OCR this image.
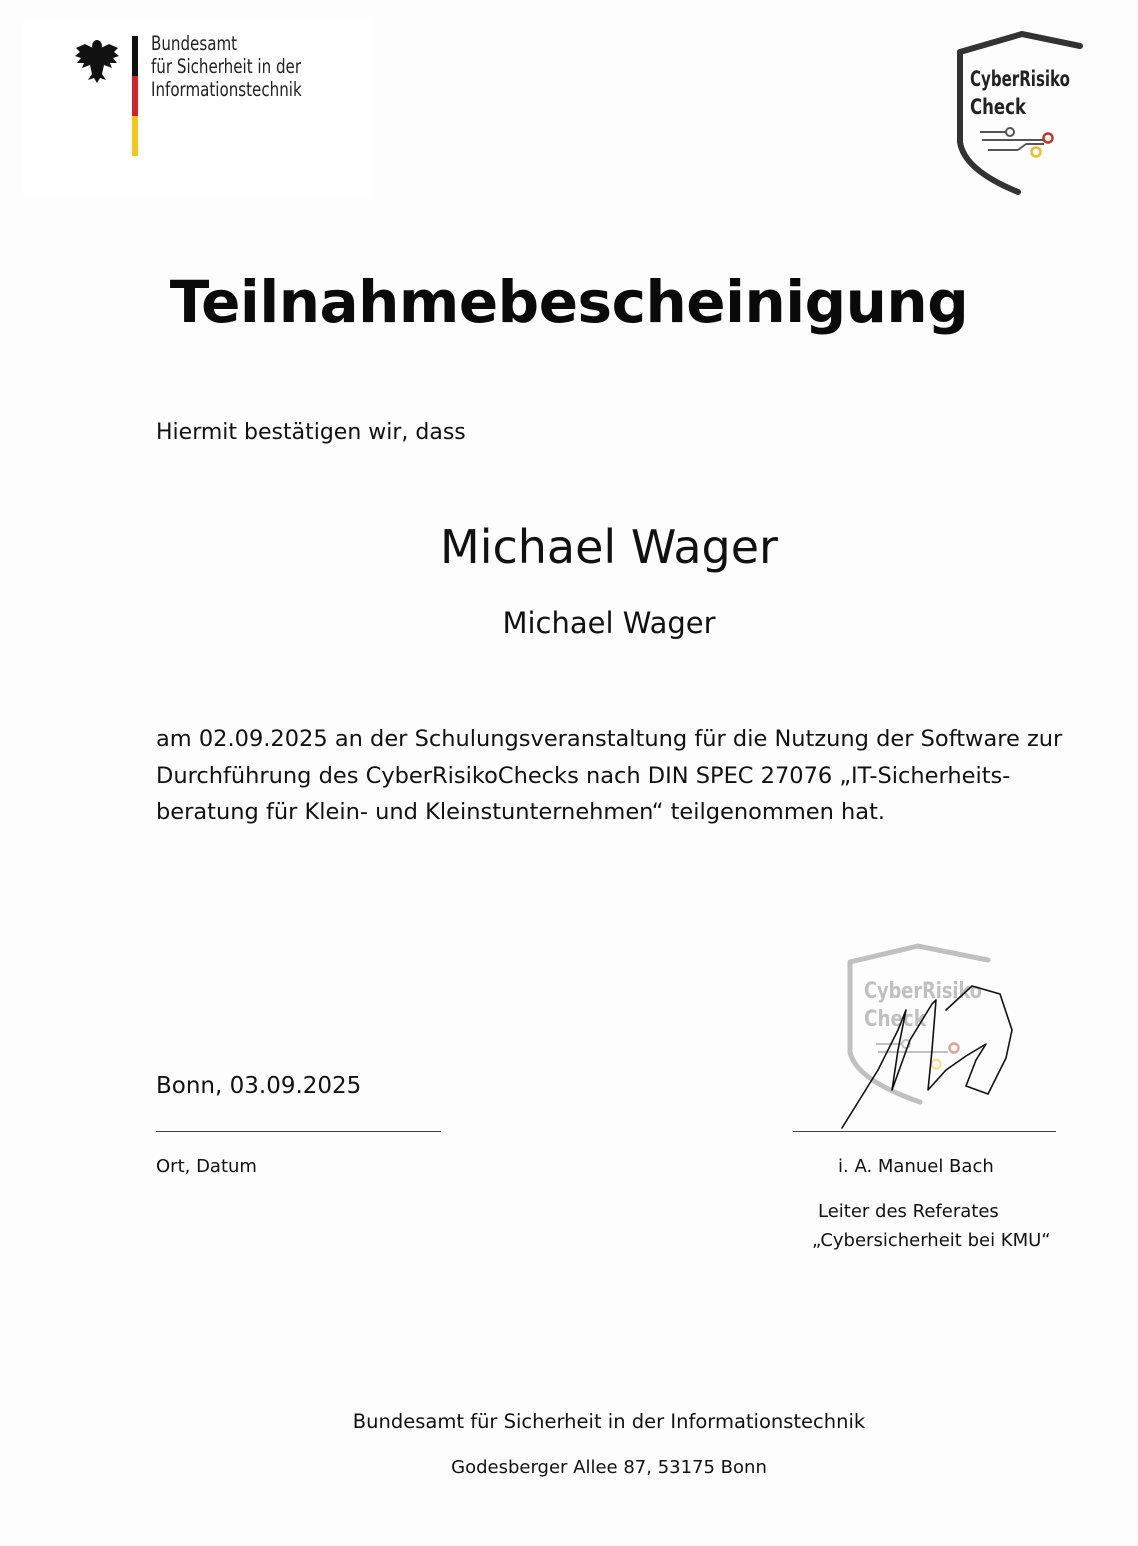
Bundesamt
für Sicherheit in der
Informationstechnik	CyberRisiko
Check
Teilnahmebescheinigung
Hiermit bestätigen wir, dass
Michael Wager
Michael Wager
am 02.09.2025 an der Schulungsveranstaltung für die Nutzung der Software zur
Durchführung des CyberRisikoChecks nach DIN SPEC 27076 „IT-Sicherheits-
beratung für Klein- und Kleinstunternehmen“ teilgenommen hat.
CyberRisiko
Check
Bonn, 03.09.2025
Ort, Datum	i. A. Manuel Bach
Leiter des Referates
„Cybersicherheit bei KMU“
Bundesamt für Sicherheit in der Informationstechnik
Godesberger Allee 87, 53175 Bonn
